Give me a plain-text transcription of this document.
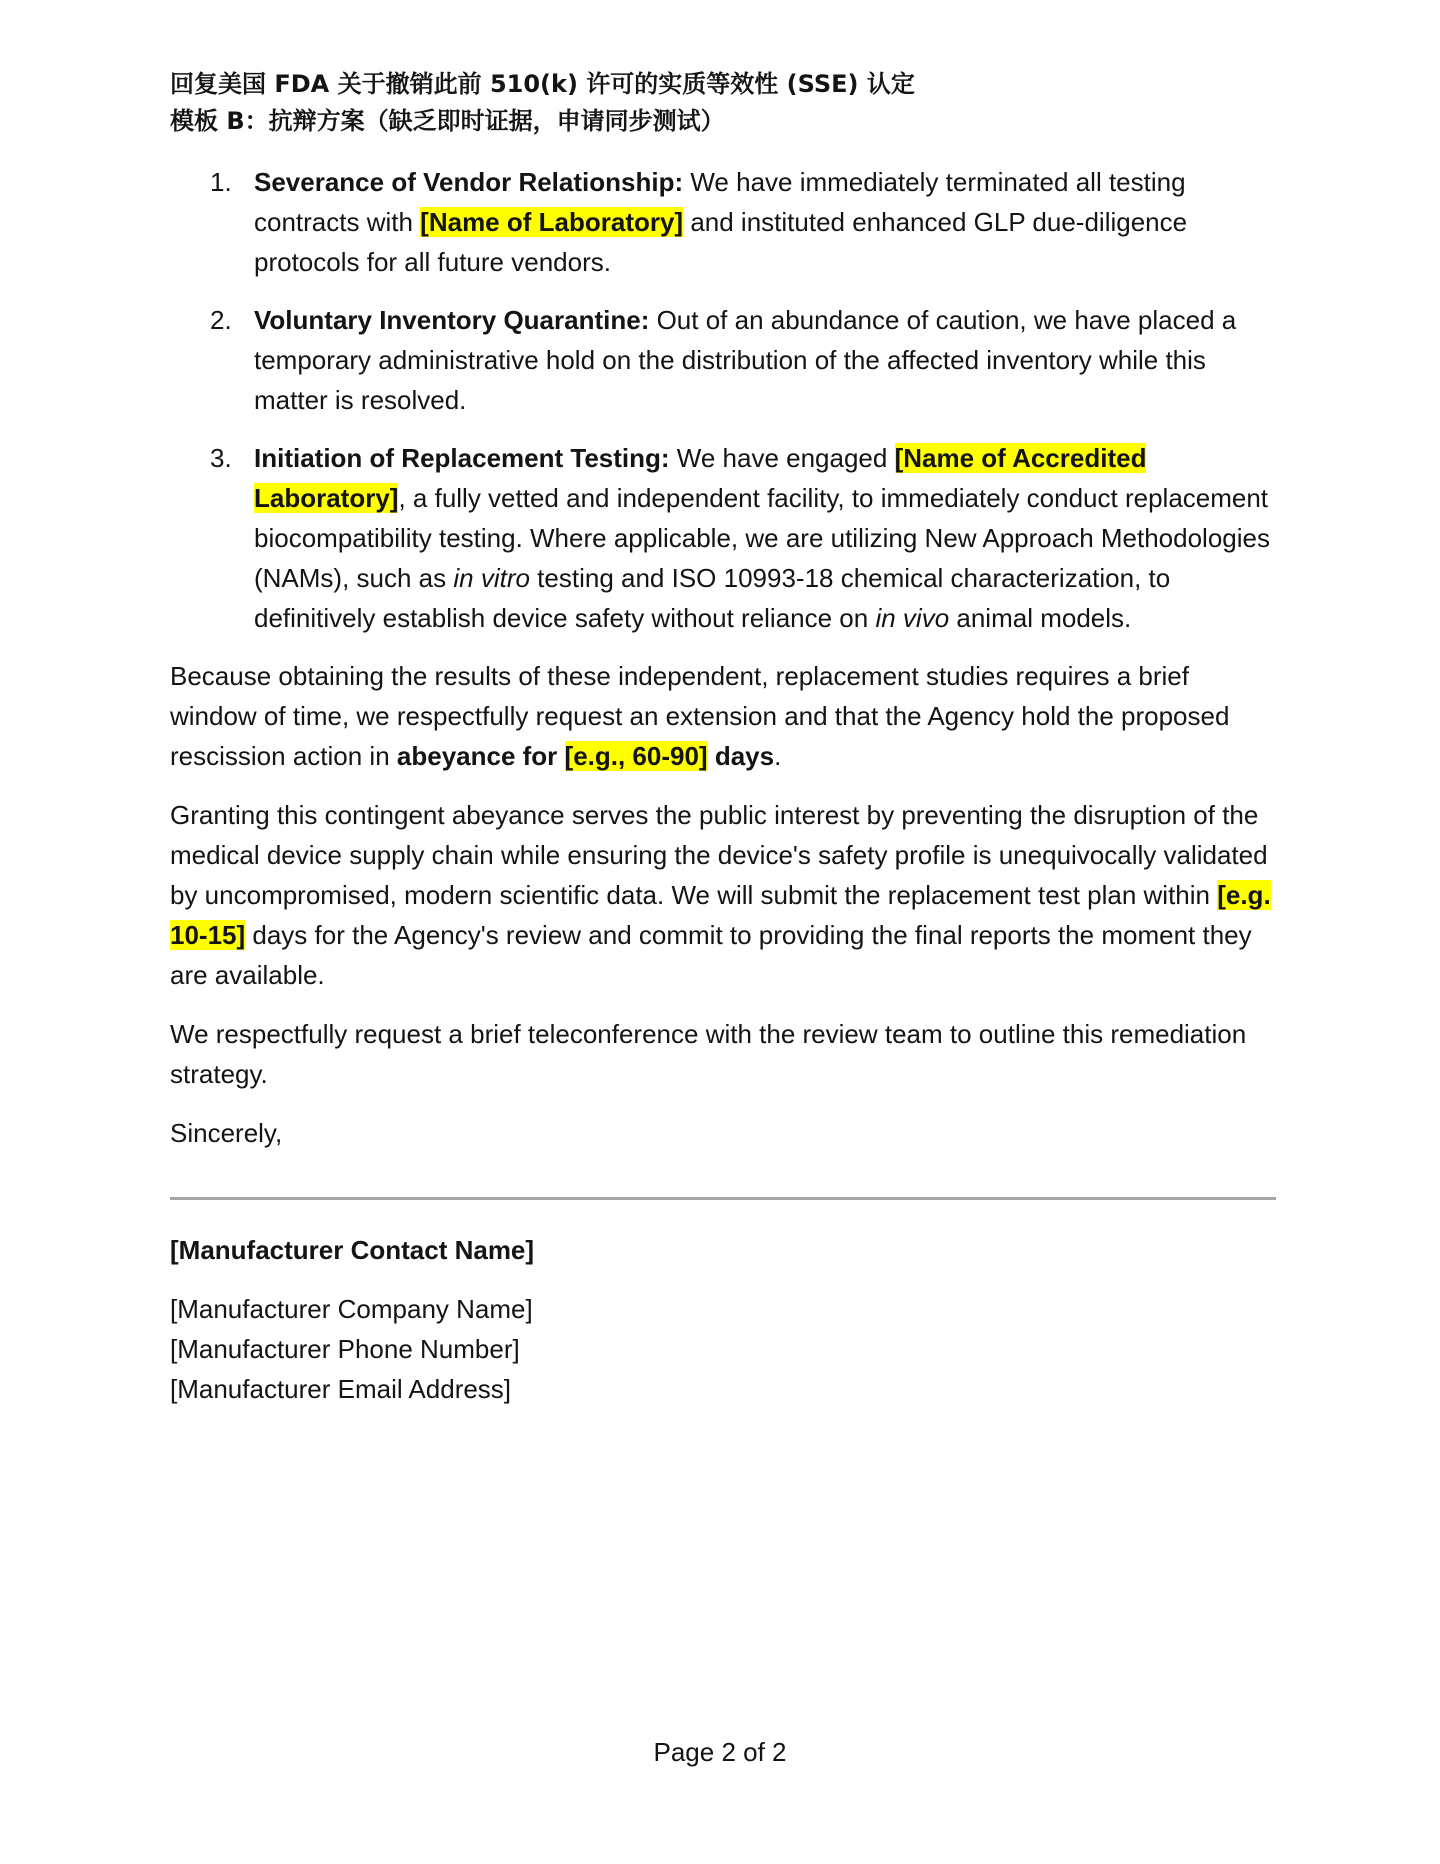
回复美国 FDA 关于撤销此前 510(k) 许可的实质等效性 (SSE) 认定
模板 B：抗辩方案（缺乏即时证据，申请同步测试）
1. Severance of Vendor Relationship: We have immediately terminated all testing contracts with [Name of Laboratory] and instituted enhanced GLP due-diligence protocols for all future vendors.
2. Voluntary Inventory Quarantine: Out of an abundance of caution, we have placed a temporary administrative hold on the distribution of the affected inventory while this matter is resolved.
3. Initiation of Replacement Testing: We have engaged [Name of Accredited Laboratory], a fully vetted and independent facility, to immediately conduct replacement biocompatibility testing. Where applicable, we are utilizing New Approach Methodologies (NAMs), such as in vitro testing and ISO 10993-18 chemical characterization, to definitively establish device safety without reliance on in vivo animal models.

Because obtaining the results of these independent, replacement studies requires a brief window of time, we respectfully request an extension and that the Agency hold the proposed rescission action in abeyance for [e.g., 60-90] days.

Granting this contingent abeyance serves the public interest by preventing the disruption of the medical device supply chain while ensuring the device's safety profile is unequivocally validated by uncompromised, modern scientific data. We will submit the replacement test plan within [e.g. 10-15] days for the Agency's review and commit to providing the final reports the moment they are available.

We respectfully request a brief teleconference with the review team to outline this remediation strategy.

Sincerely,

[Manufacturer Contact Name]
[Manufacturer Company Name]
[Manufacturer Phone Number]
[Manufacturer Email Address]
Page 2 of 2
